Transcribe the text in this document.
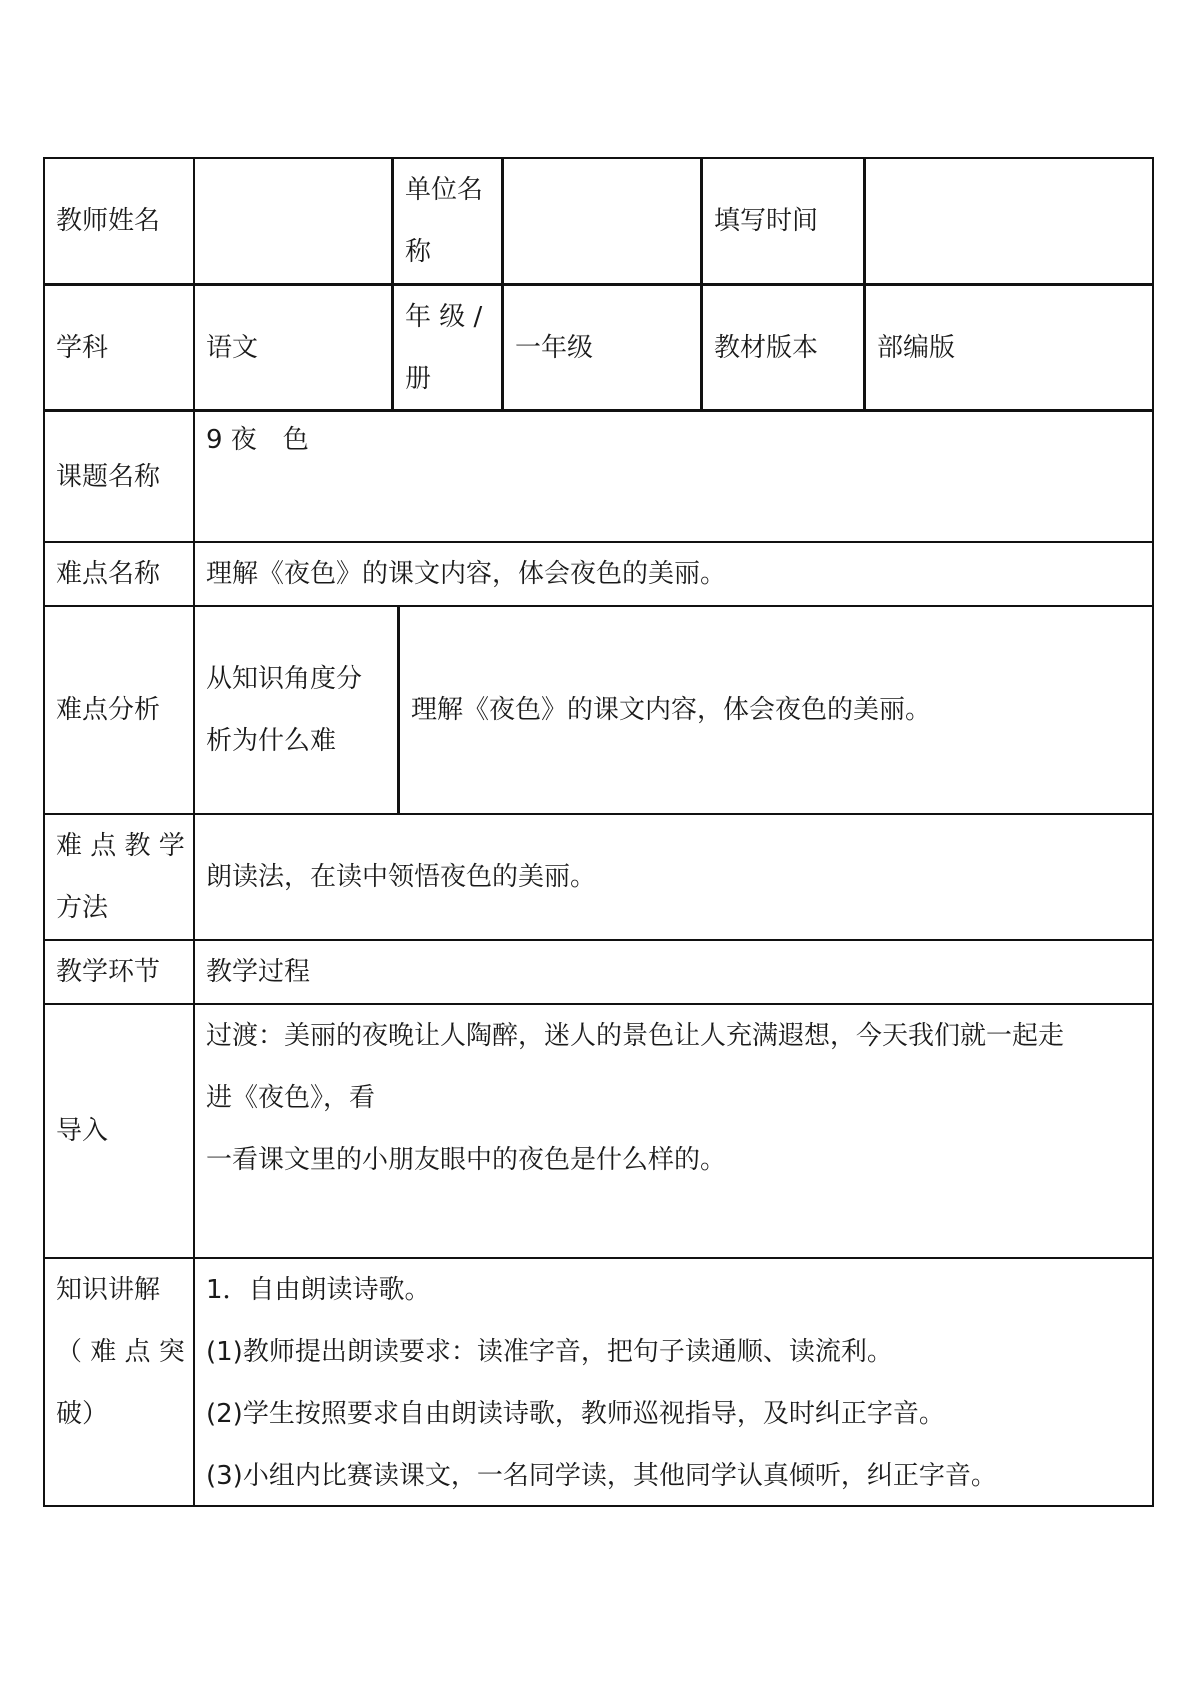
教师姓名
单位名
称
填写时间
学科	语文
年 级 /
册
一年级	教材版本 部编版
课题名称
9 夜　色
难点名称 理解《夜色》的课文内容，体会夜色的美丽。
难点分析
从知识角度分
析为什么难
理解《夜色》的课文内容，体会夜色的美丽。
难 点 教 学
方法
朗读法，在读中领悟夜色的美丽。
教学环节 教学过程
导入
过渡：美丽的夜晚让人陶醉，迷人的景色让人充满遐想，今天我们就一起走
进《夜色》，看
一看课文里的小朋友眼中的夜色是什么样的。
知识讲解
（ 难 点 突
破）
1．自由朗读诗歌。
(1)教师提出朗读要求：读准字音，把句子读通顺、读流利。
(2)学生按照要求自由朗读诗歌，教师巡视指导，及时纠正字音。
(3)小组内比赛读课文，一名同学读，其他同学认真倾听，纠正字音。
